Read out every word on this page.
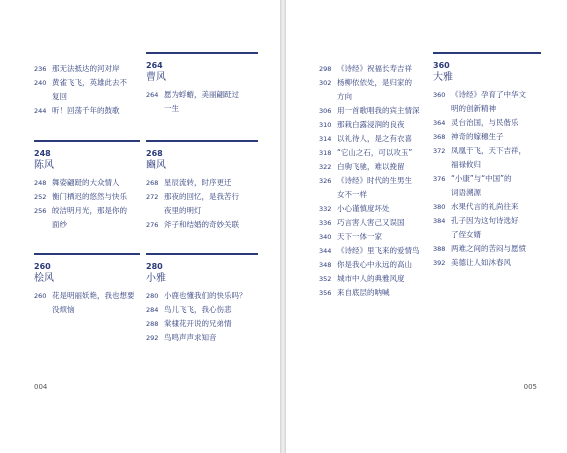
236 那无法抵达的河对岸
240 黄雀飞飞，英雄此去不
复回
244 听！回荡千年的鼓歌
264
曹风
264 愿为蜉蝣，美丽翩跹过
一生
248
陈风
248 舞姿翩跹的大众情人
252 衡门栖迟的悠然与快乐
256 皎洁明月光，那是你的
面纱
268
豳风
268 星辰流转，时序更迁
272 那夜的回忆，是我苦行
夜里的明灯
276 斧子和结婚的奇妙关联
260
桧风
260 花是明丽妖艳，我也想要
没烦恼
280
小雅
280 小鹿也懂我们的快乐吗？
284 鸟儿飞飞，我心伤悲
288 棠棣花开说的兄弟情
292 鸟鸣声声求知音
004
298 《诗经》祝福长寿吉祥
302 杨柳依依处，是归家的
方向
306 用一首歌唱我的宾主情深
310 那栽白露浸润的良夜
314 以礼待人，是之有衣喜
318 “它山之石，可以攻玉”
322 白驹飞驰，难以挽留
326 《诗经》时代的生男生
女不一样
332 小心谨慎度坏处
336 巧言害人害己又误国
340 天下一体一家
344 《诗经》里飞来的爱情鸟
348 你是我心中永远的高山
352 城市中人的典雅风度
356 来自底层的呐喊
360
大雅
360 《诗经》孕育了中华文
明的创新精神
364 灵台治国，与民偕乐
368 神奇的嫁穗生子
372 凤凰于飞，天下吉祥，
福禄攸归
376 “小康”与“中国”的
词语溯源
380 水果代言的礼尚往来
384 孔子因为这句诗选好
了侄女婿
388 两难之间的苦闷与愿愤
392 美德让人如沐春风
005
